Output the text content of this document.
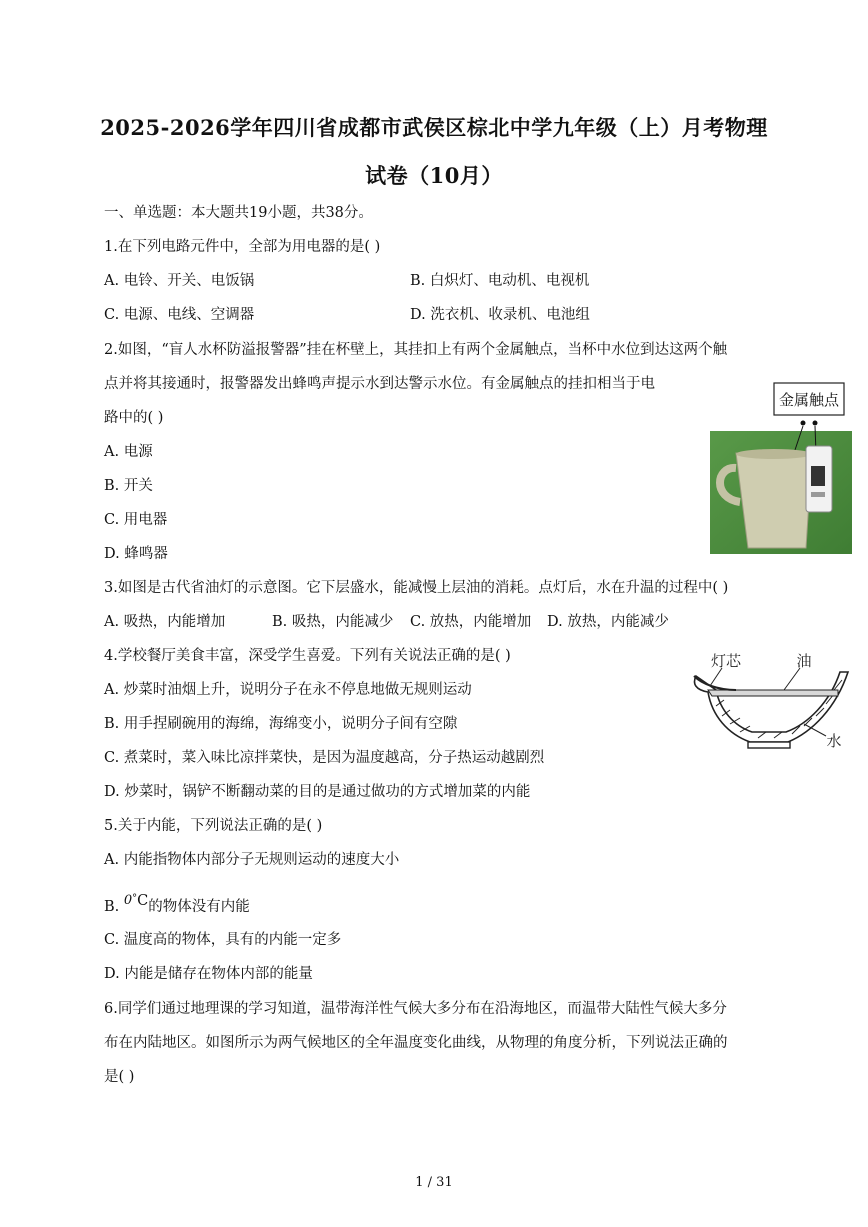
2025-2026学年四川省成都市武侯区棕北中学九年级（上）月考物理
试卷（10月）
一、单选题：本大题共19小题，共38分。
1.在下列电路元件中，全部为用电器的是( )
A. 电铃、开关、电饭锅	B. 白炽灯、电动机、电视机
C. 电源、电线、空调器	D. 洗衣机、收录机、电池组
2.如图，“盲人水杯防溢报警器”挂在杯壁上，其挂扣上有两个金属触点，当杯中水位到达这两个触
点并将其接通时，报警器发出蜂鸣声提示水到达警示水位。有金属触点的挂扣相当于电
路中的( )
A. 电源
B. 开关
C. 用电器
D. 蜂鸣器
金属触点
3.如图是古代省油灯的示意图。它下层盛水，能减慢上层油的消耗。点灯后，水在升温的过程中( )
A. 吸热，内能增加	B. 吸热，内能减少 C. 放热，内能增加 D. 放热，内能减少
灯芯	油
水
4.学校餐厅美食丰富，深受学生喜爱。下列有关说法正确的是( )
A. 炒菜时油烟上升，说明分子在永不停息地做无规则运动
B. 用手捏刷碗用的海绵，海绵变小，说明分子间有空隙
C. 煮菜时，菜入味比凉拌菜快，是因为温度越高，分子热运动越剧烈
D. 炒菜时，锅铲不断翻动菜的目的是通过做功的方式增加菜的内能
5.关于内能，下列说法正确的是( )
A. 内能指物体内部分子无规则运动的速度大小
B. 0°C的物体没有内能
C. 温度高的物体，具有的内能一定多
D. 内能是储存在物体内部的能量
6.同学们通过地理课的学习知道，温带海洋性气候大多分布在沿海地区，而温带大陆性气候大多分
布在内陆地区。如图所示为两气候地区的全年温度变化曲线，从物理的角度分析，下列说法正确的
是( )
1 / 31
